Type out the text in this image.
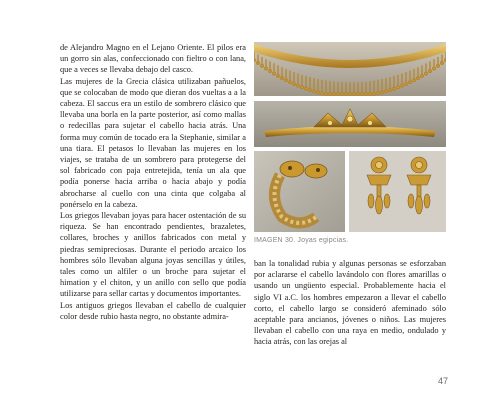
de Alejandro Magno en el Lejano Oriente. El pilos era un gorro sin alas, confeccionado con fieltro o con lana, que a veces se llevaba debajo del casco.

Las mujeres de la Grecia clásica utilizaban pañuelos, que se colocaban de modo que dieran dos vueltas a a la cabeza. El saccus era un estilo de sombrero clásico que llevaba una borla en la parte posterior, así como mallas o redecillas para sujetar el cabello hacia atrás. Una forma muy común de tocado era la Stephanie, similar a una tiara. El petasos lo llevaban las mujeres en los viajes, se trataba de un sombrero para protegerse del sol fabricado con paja entretejida, tenía un ala que podía ponerse hacia arriba o hacia abajo y podía abrocharse al cuello con una cinta que colgaba al ponérselo en la cabeza.

Los griegos llevaban joyas para hacer ostentación de su riqueza. Se han encontrado pendientes, brazaletes, collares, broches y anillos fabricados con metal y piedras semipreciosas. Durante el periodo arcaico los hombres sólo llevaban alguna joyas sencillas y útiles, tales como un alfiler o un broche para sujetar el himation y el chiton, y un anillo con sello que podía utilizarse para sellar cartas y documentos importantes.

Los antiguos griegos llevaban el cabello de cualquier color desde rubio hasta negro, no obstante admira-

IMAGEN 30. Joyas egipcias.

ban la tonalidad rubia y algunas personas se esforzaban por aclararse el cabello lavándolo con flores amarillas o usando un ungüento especial. Probablemente hacia el siglo VI a.C. los hombres empezaron a llevar el cabello corto, el cabello largo se consideró afeminado sólo aceptable para ancianos, jóvenes o niños. Las mujeres llevaban el cabello con una raya en medio, ondulado y hacia atrás, con las orejas al

47
